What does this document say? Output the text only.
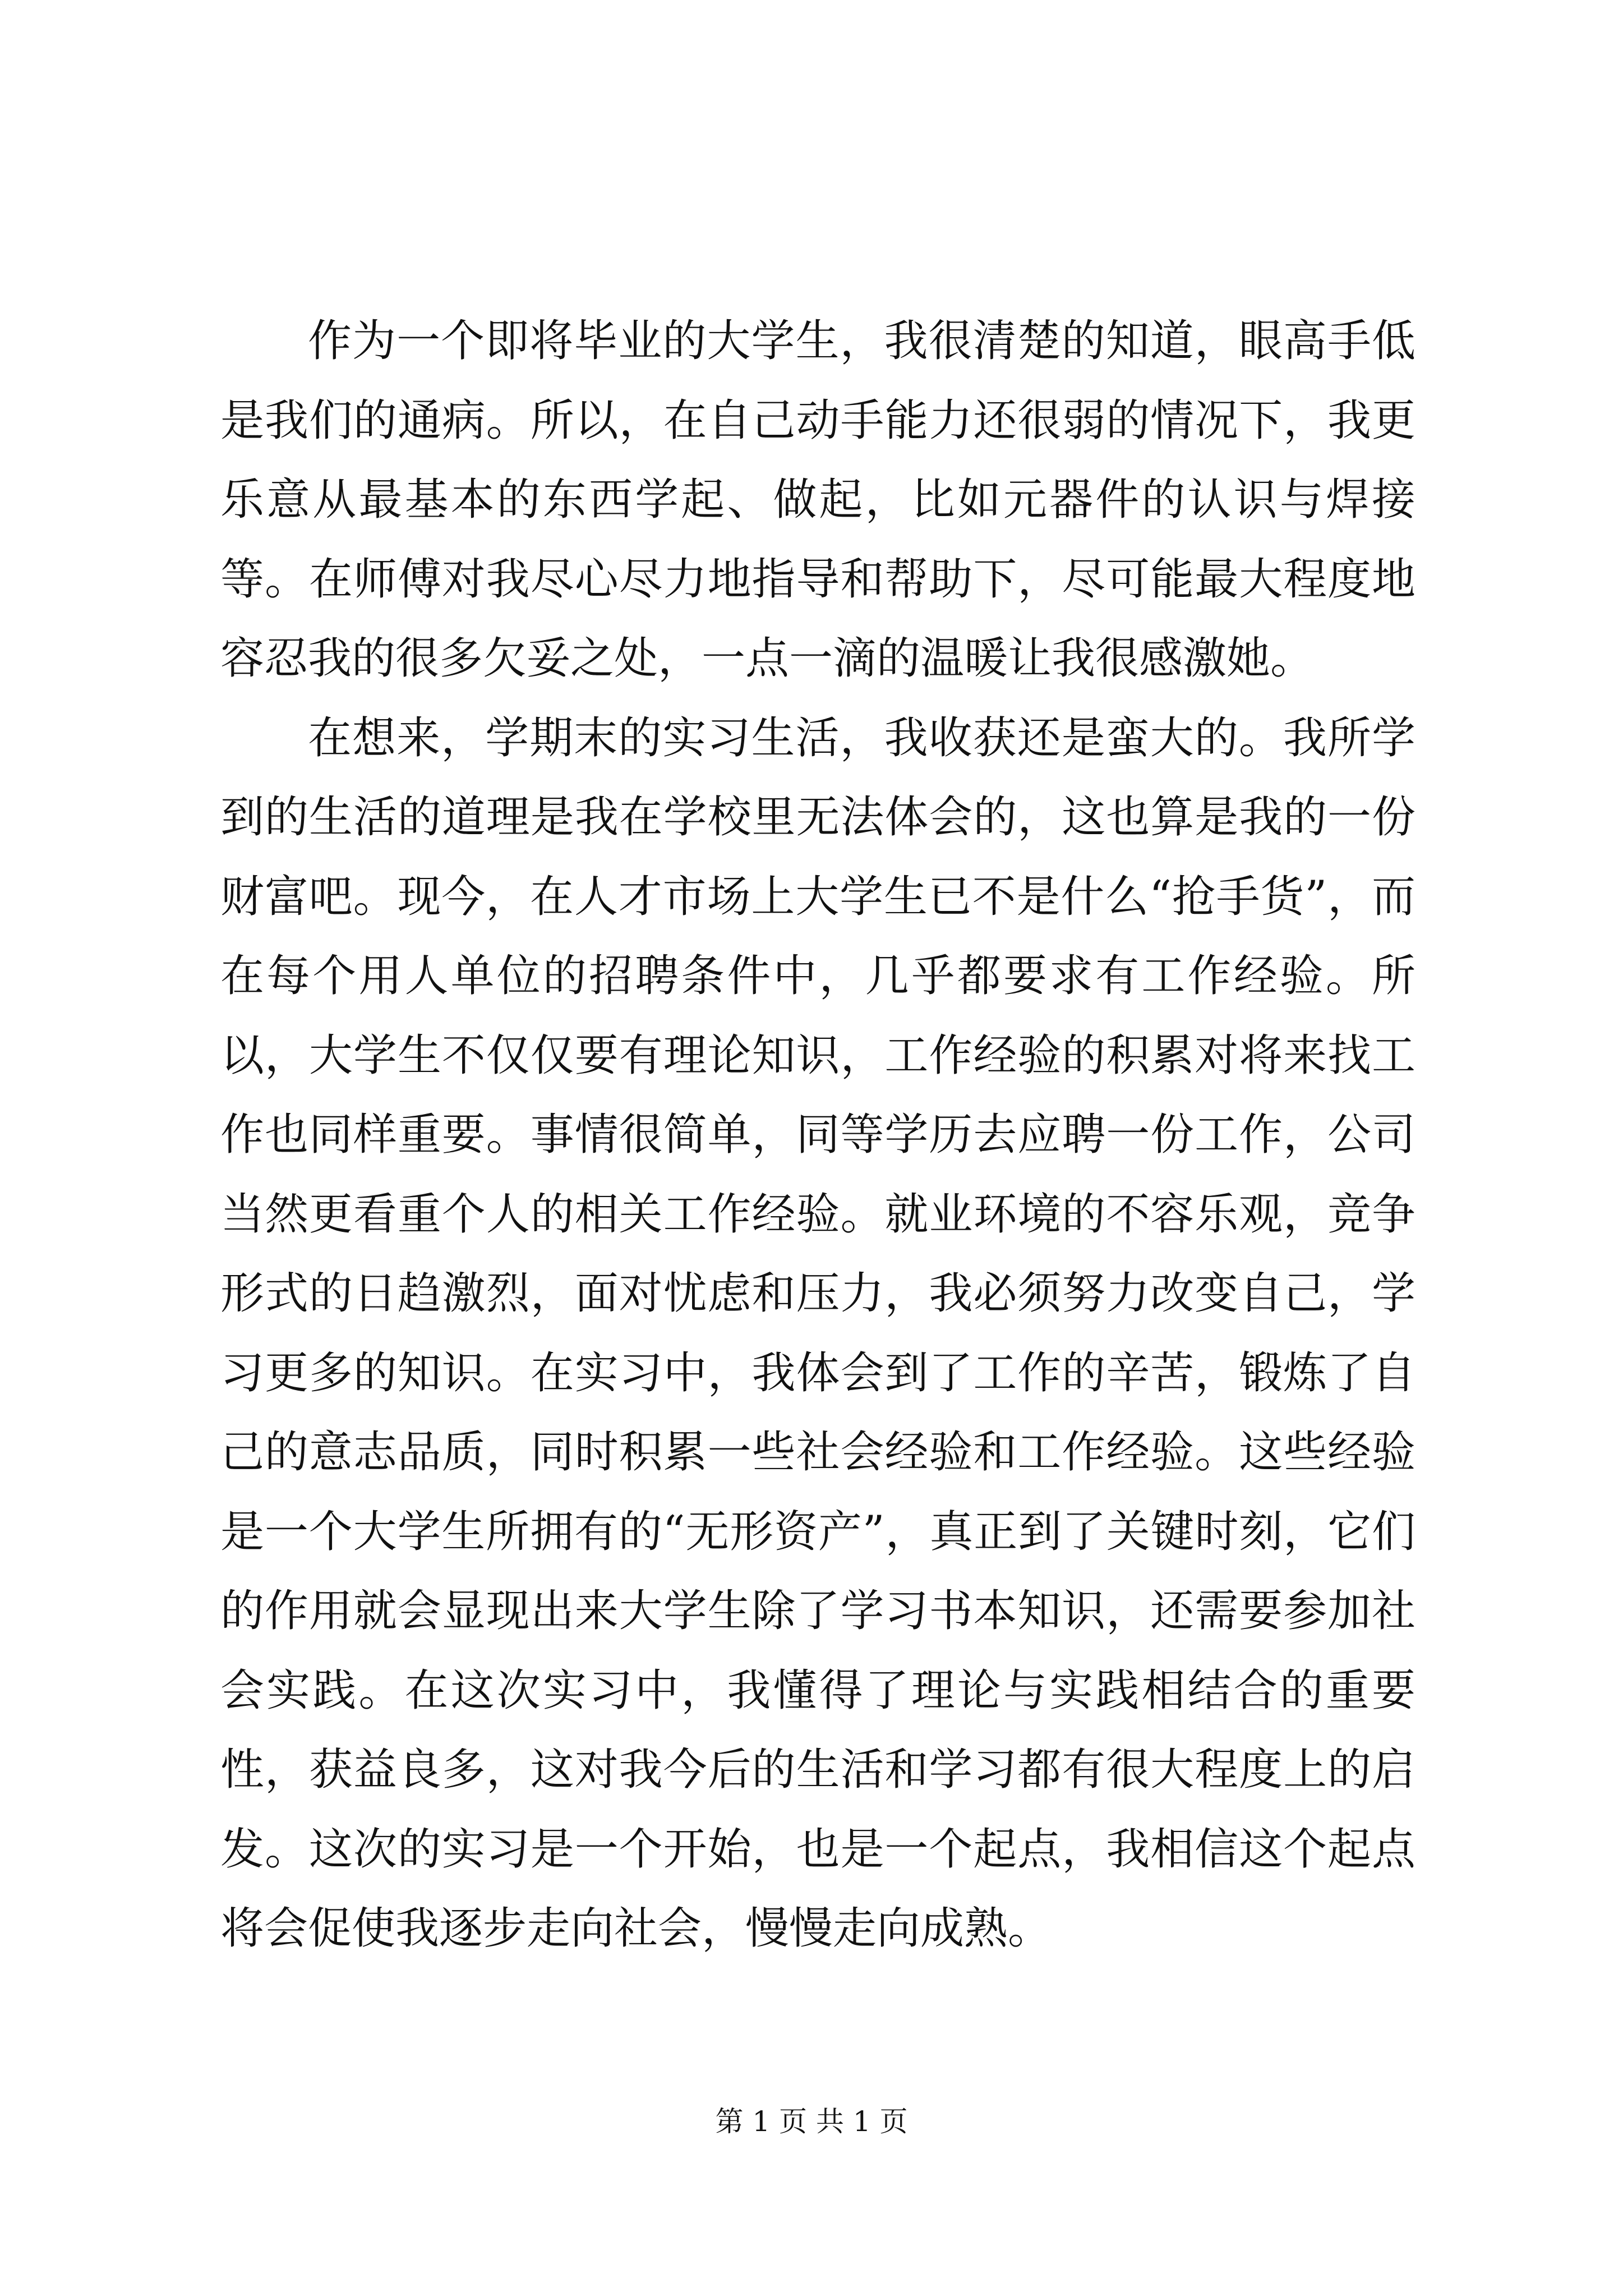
作为一个即将毕业的大学生，我很清楚的知道，眼高手低是我们的通病。所以，在自己动手能力还很弱的情况下，我更乐意从最基本的东西学起、做起，比如元器件的认识与焊接等。在师傅对我尽心尽力地指导和帮助下，尽可能最大程度地容忍我的很多欠妥之处，一点一滴的温暖让我很感激她。

在想来，学期末的实习生活，我收获还是蛮大的。我所学到的生活的道理是我在学校里无法体会的，这也算是我的一份财富吧。现今，在人才市场上大学生已不是什么“抢手货”，而在每个用人单位的招聘条件中，几乎都要求有工作经验。所以，大学生不仅仅要有理论知识，工作经验的积累对将来找工作也同样重要。事情很简单，同等学历去应聘一份工作，公司当然更看重个人的相关工作经验。就业环境的不容乐观，竞争形式的日趋激烈，面对忧虑和压力，我必须努力改变自己，学习更多的知识。在实习中，我体会到了工作的辛苦，锻炼了自己的意志品质，同时积累一些社会经验和工作经验。这些经验是一个大学生所拥有的“无形资产”，真正到了关键时刻，它们的作用就会显现出来大学生除了学习书本知识，还需要参加社会实践。在这次实习中，我懂得了理论与实践相结合的重要性，获益良多，这对我今后的生活和学习都有很大程度上的启发。这次的实习是一个开始，也是一个起点，我相信这个起点将会促使我逐步走向社会，慢慢走向成熟。

第 1 页 共 1 页
